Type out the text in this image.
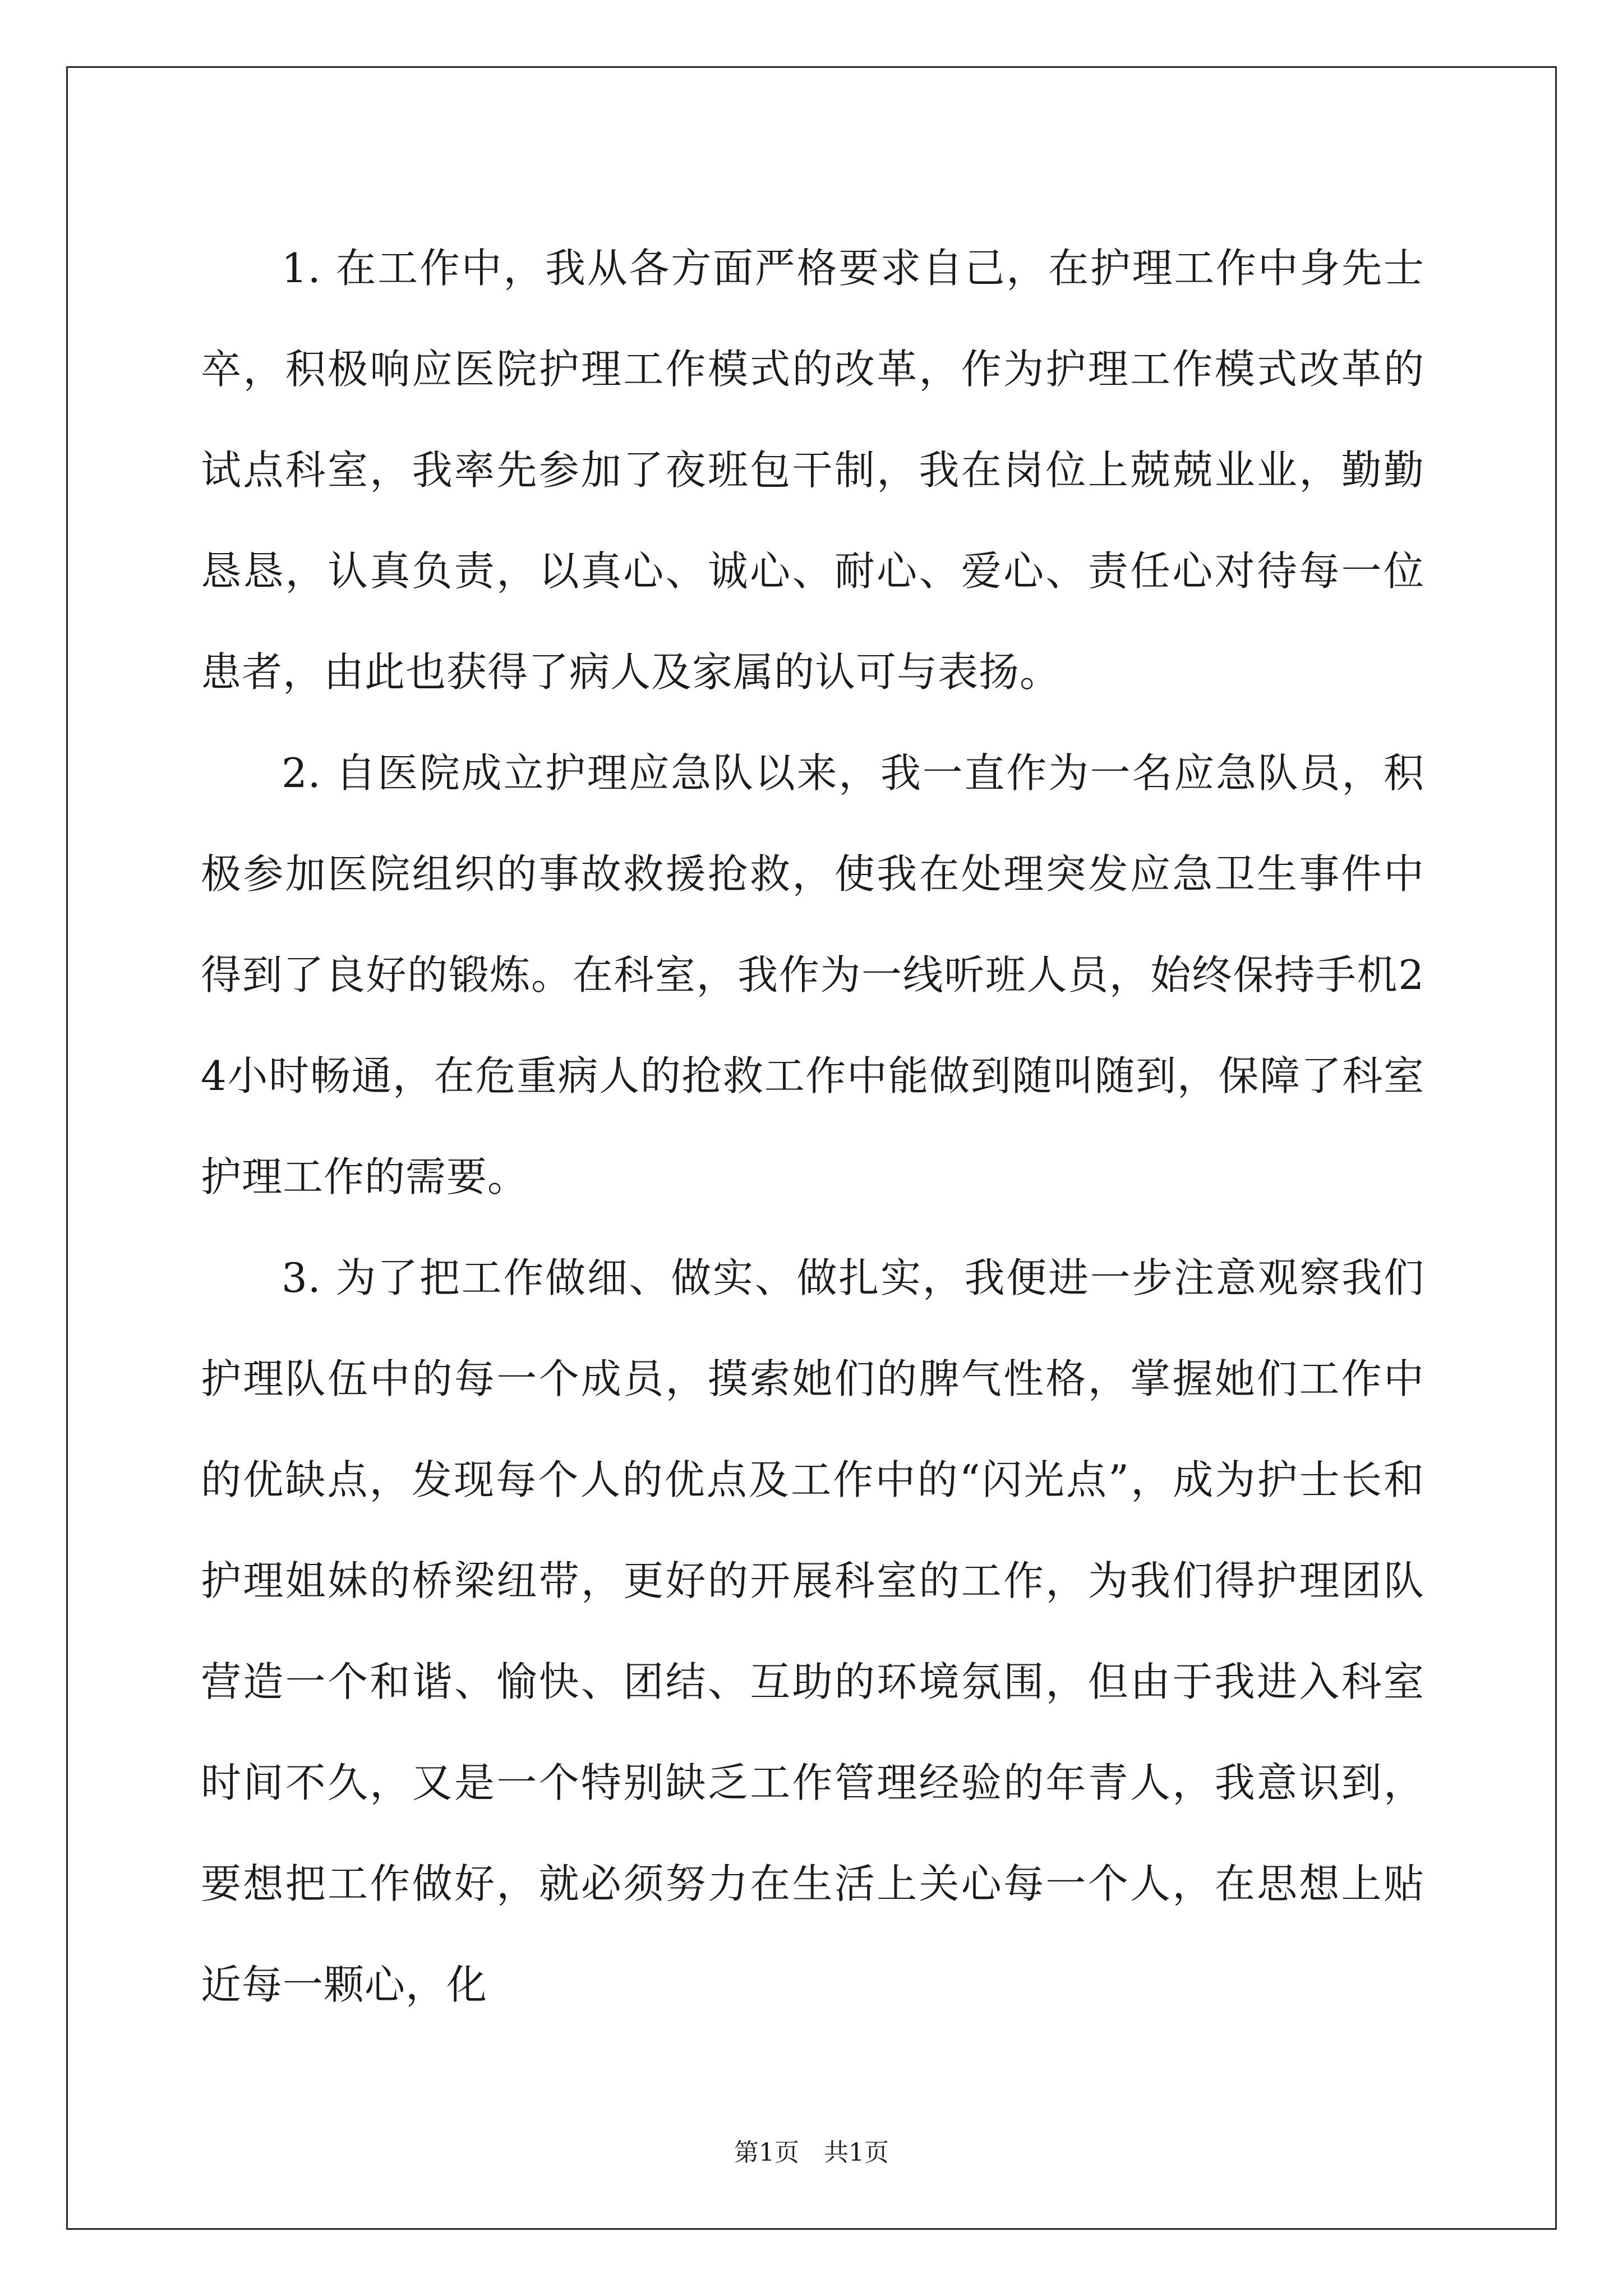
1. 在工作中，我从各方面严格要求自己，在护理工作中身先士卒，积极响应医院护理工作模式的改革，作为护理工作模式改革的试点科室，我率先参加了夜班包干制，我在岗位上兢兢业业，勤勤恳恳，认真负责，以真心、诚心、耐心、爱心、责任心对待每一位患者，由此也获得了病人及家属的认可与表扬。

2. 自医院成立护理应急队以来，我一直作为一名应急队员，积极参加医院组织的事故救援抢救，使我在处理突发应急卫生事件中得到了良好的锻炼。在科室，我作为一线听班人员，始终保持手机24小时畅通，在危重病人的抢救工作中能做到随叫随到，保障了科室护理工作的需要。

3. 为了把工作做细、做实、做扎实，我便进一步注意观察我们护理队伍中的每一个成员，摸索她们的脾气性格，掌握她们工作中的优缺点，发现每个人的优点及工作中的“闪光点”，成为护士长和护理姐妹的桥梁纽带，更好的开展科室的工作，为我们得护理团队营造一个和谐、愉快、团结、互助的环境氛围，但由于我进入科室时间不久，又是一个特别缺乏工作管理经验的年青人，我意识到，要想把工作做好，就必须努力在生活上关心每一个人，在思想上贴近每一颗心，化

第1页 共1页
